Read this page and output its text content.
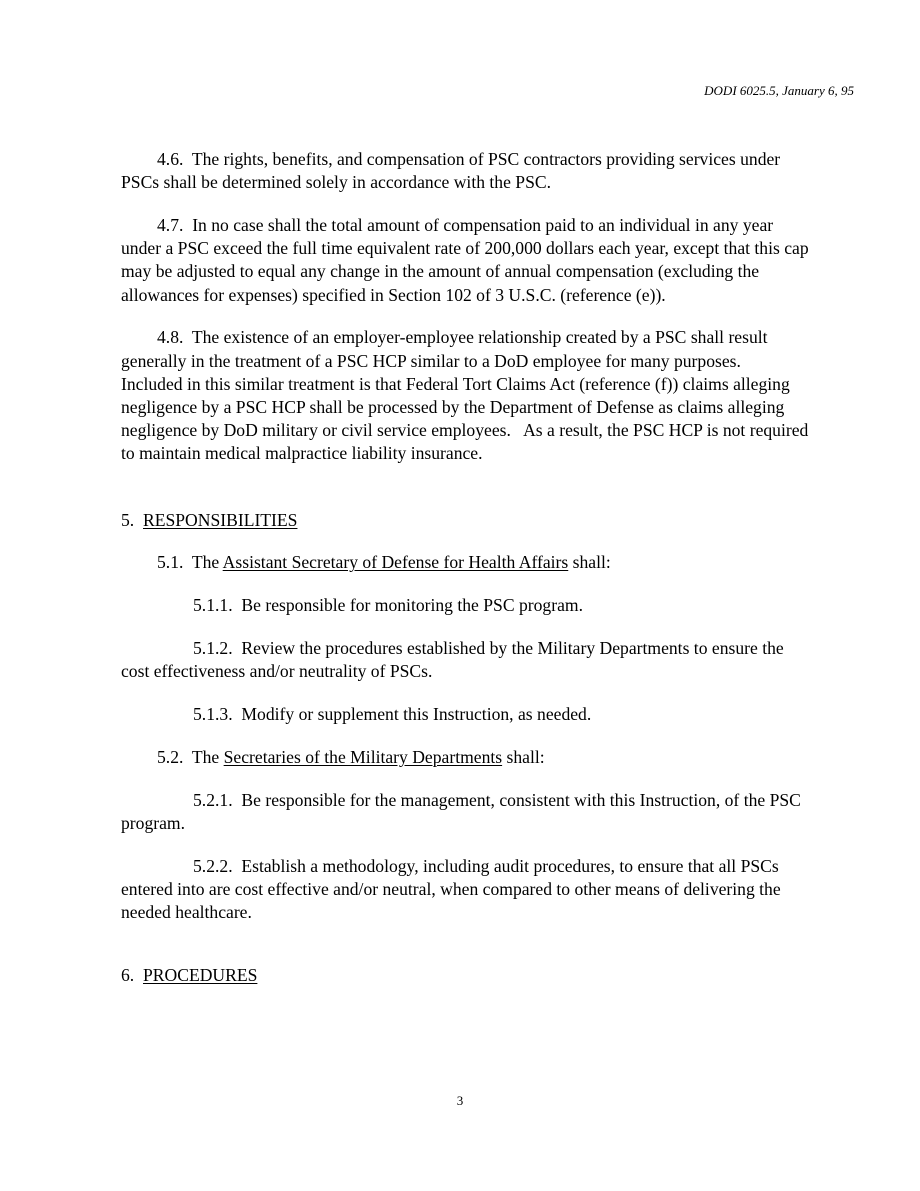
DODI 6025.5, January 6, 95

4.6. The rights, benefits, and compensation of PSC contractors providing services under PSCs shall be determined solely in accordance with the PSC.

4.7. In no case shall the total amount of compensation paid to an individual in any year under a PSC exceed the full time equivalent rate of 200,000 dollars each year, except that this cap may be adjusted to equal any change in the amount of annual compensation (excluding the allowances for expenses) specified in Section 102 of 3 U.S.C. (reference (e)).

4.8. The existence of an employer-employee relationship created by a PSC shall result generally in the treatment of a PSC HCP similar to a DoD employee for many purposes.   Included in this similar treatment is that Federal Tort Claims Act (reference (f)) claims alleging negligence by a PSC HCP shall be processed by the Department of Defense as claims alleging negligence by DoD military or civil service employees.   As a result, the PSC HCP is not required to maintain medical malpractice liability insurance.

5. RESPONSIBILITIES

5.1. The Assistant Secretary of Defense for Health Affairs shall:

5.1.1. Be responsible for monitoring the PSC program.

5.1.2. Review the procedures established by the Military Departments to ensure the cost effectiveness and/or neutrality of PSCs.

5.1.3. Modify or supplement this Instruction, as needed.

5.2. The Secretaries of the Military Departments shall:

5.2.1. Be responsible for the management, consistent with this Instruction, of the PSC program.

5.2.2. Establish a methodology, including audit procedures, to ensure that all PSCs entered into are cost effective and/or neutral, when compared to other means of delivering the needed healthcare.

6. PROCEDURES

3
